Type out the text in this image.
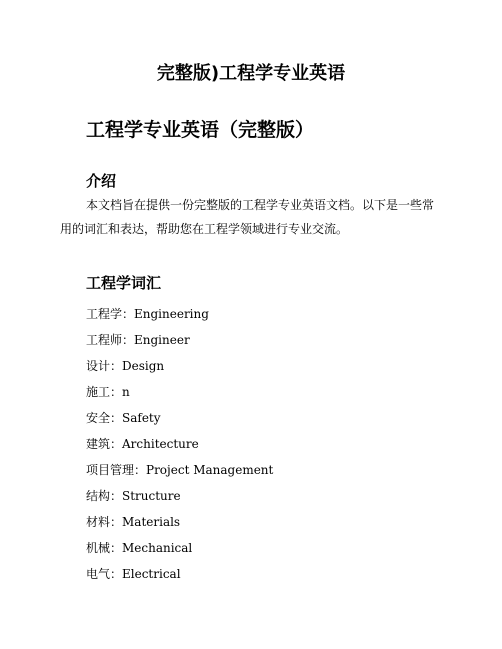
完整版)工程学专业英语
工程学专业英语（完整版）
介绍

本文档旨在提供一份完整版的工程学专业英语文档。以下是一些常用的词汇和表达，帮助您在工程学领域进行专业交流。

工程学词汇
工程学：Engineering
工程师：Engineer
设计：Design
施工：n
安全：Safety
建筑：Architecture
项目管理：Project Management
结构：Structure
材料：Materials
机械：Mechanical
电气：Electrical
